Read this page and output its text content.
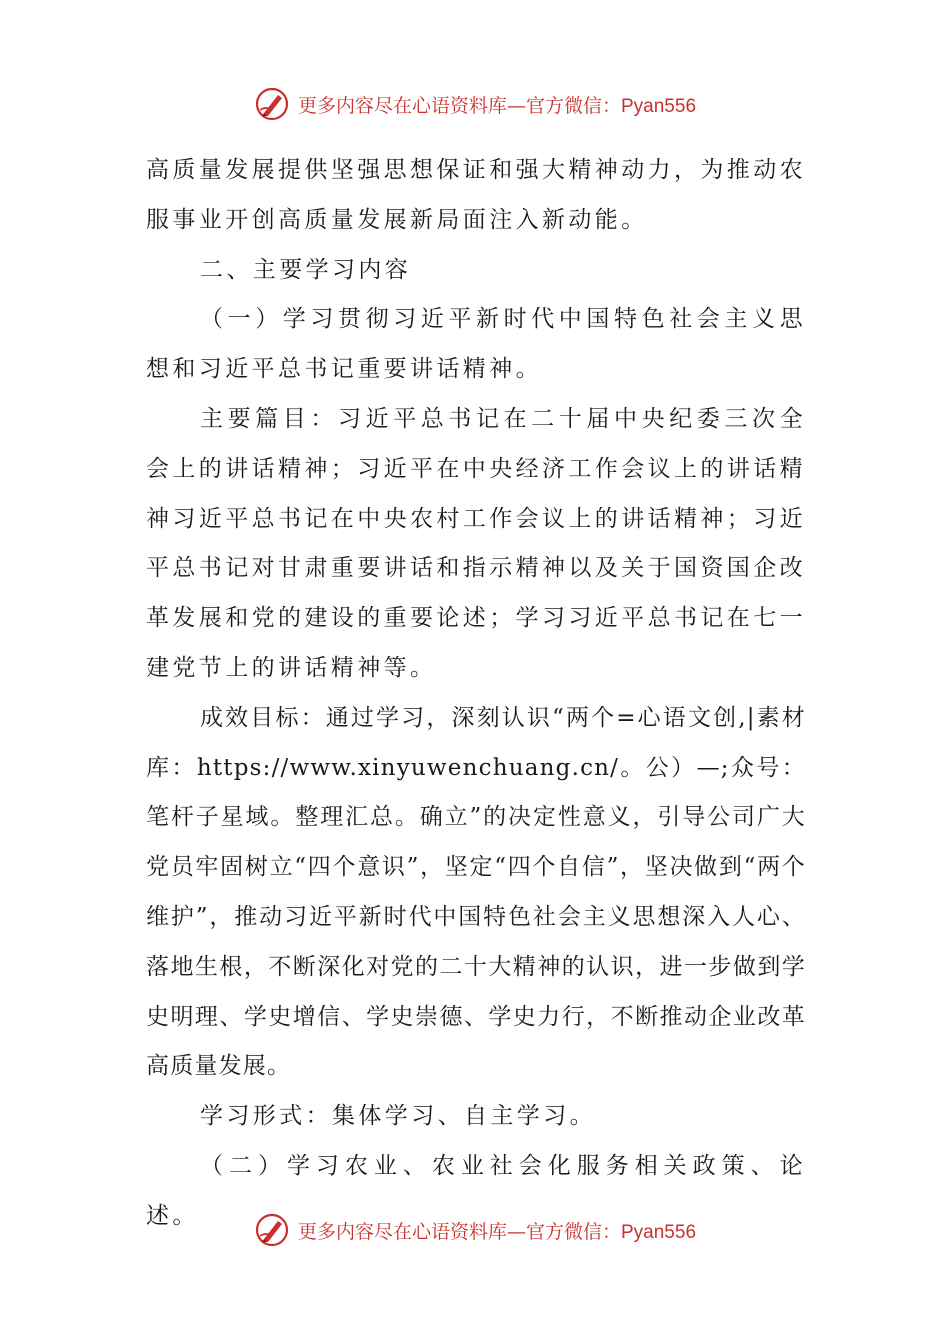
更多内容尽在心语资料库—官方微信：Pyan556

高质量发展提供坚强思想保证和强大精神动力，为推动农服事业开创高质量发展新局面注入新动能。

二、主要学习内容

（一）学习贯彻习近平新时代中国特色社会主义思想和习近平总书记重要讲话精神。

主要篇目：习近平总书记在二十届中央纪委三次全会上的讲话精神；习近平在中央经济工作会议上的讲话精神习近平总书记在中央农村工作会议上的讲话精神；习近平总书记对甘肃重要讲话和指示精神以及关于国资国企改革发展和党的建设的重要论述；学习习近平总书记在七一建党节上的讲话精神等。

成效目标：通过学习，深刻认识“两个=心语文创,|素材库：https://www.xinyuwenchuang.cn/。公）—;众号：笔杆子星域。整理汇总。确立”的决定性意义，引导公司广大党员牢固树立“四个意识”，坚定“四个自信”，坚决做到“两个维护”，推动习近平新时代中国特色社会主义思想深入人心、落地生根，不断深化对党的二十大精神的认识，进一步做到学史明理、学史增信、学史崇德、学史力行，不断推动企业改革高质量发展。

学习形式：集体学习、自主学习。

（二）学习农业、农业社会化服务相关政策、论述。

更多内容尽在心语资料库—官方微信：Pyan556
